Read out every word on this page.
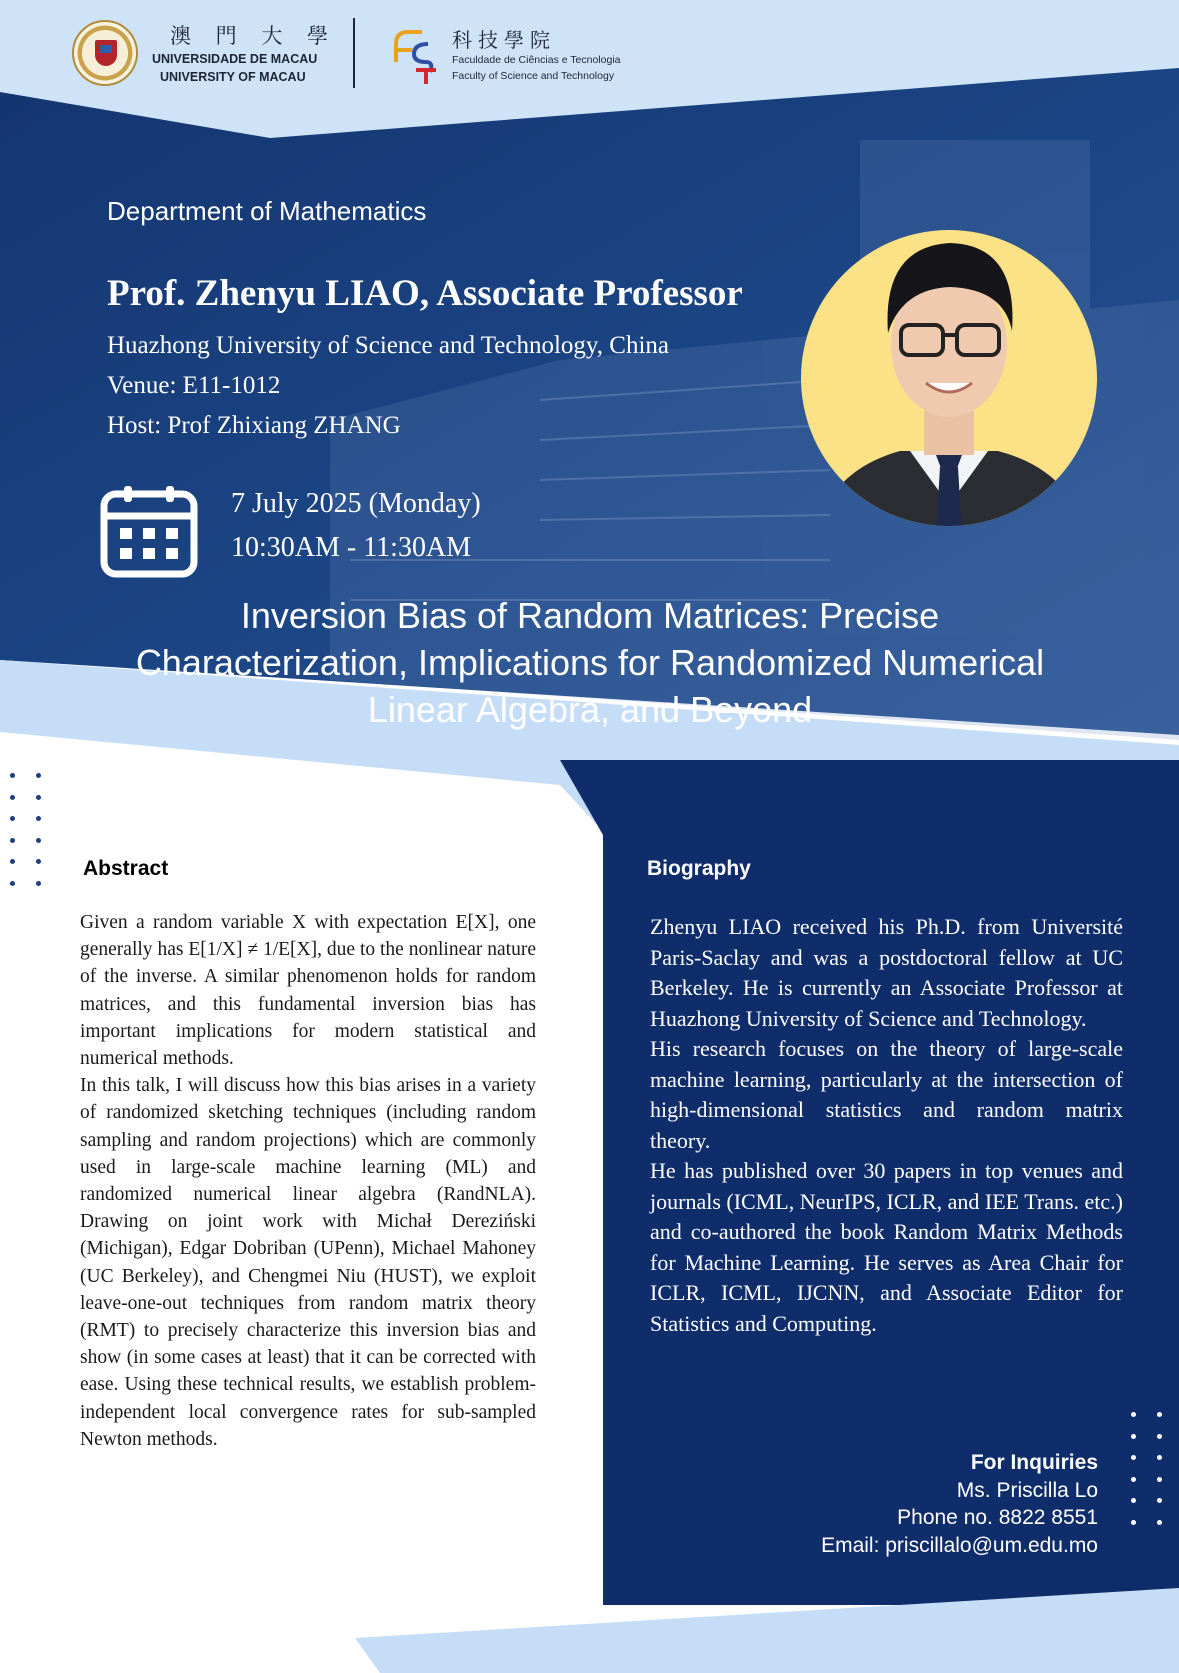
澳 門 大 學
UNIVERSIDADE DE MACAU
UNIVERSITY OF MACAU
科技學院
Faculdade de Ciências e Tecnologia
Faculty of Science and Technology
Department of Mathematics
Prof. Zhenyu LIAO, Associate Professor
Huazhong University of Science and Technology, China
Venue: E11-1012
Host: Prof Zhixiang ZHANG
7 July 2025 (Monday)
10:30AM - 11:30AM
Inversion Bias of Random Matrices: Precise
Characterization, Implications for Randomized Numerical
Linear Algebra, and Beyond
Abstract

Given a random variable X with expectation E[X], one generally has E[1/X] ≠ 1/E[X], due to the nonlinear nature of the inverse. A similar phenomenon holds for random matrices, and this fundamental inversion bias has important implications for modern statistical and numerical methods.

In this talk, I will discuss how this bias arises in a variety of randomized sketching techniques (including random sampling and random projections) which are commonly used in large-scale machine learning (ML) and randomized numerical linear algebra (RandNLA). Drawing on joint work with Michał Dereziński (Michigan), Edgar Dobriban (UPenn), Michael Mahoney (UC Berkeley), and Chengmei Niu (HUST), we exploit leave-one-out techniques from random matrix theory (RMT) to precisely characterize this inversion bias and show (in some cases at least) that it can be corrected with ease. Using these technical results, we establish problem-independent local convergence rates for sub-sampled Newton methods.

Biography

Zhenyu LIAO received his Ph.D. from Université Paris-Saclay and was a postdoctoral fellow at UC Berkeley. He is currently an Associate Professor at Huazhong University of Science and Technology.

His research focuses on the theory of large-scale machine learning, particularly at the intersection of high-dimensional statistics and random matrix theory.

He has published over 30 papers in top venues and journals (ICML, NeurIPS, ICLR, and IEE Trans. etc.) and co-authored the book Random Matrix Methods for Machine Learning. He serves as Area Chair for ICLR, ICML, IJCNN, and Associate Editor for Statistics and Computing.

For Inquiries
Ms. Priscilla Lo
Phone no. 8822 8551
Email: priscillalo@um.edu.mo
